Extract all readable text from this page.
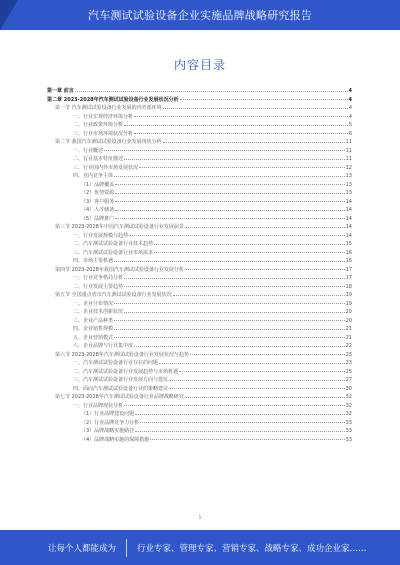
汽车测试试验设备企业实施品牌战略研究报告
内容目录
第一章 前言	4
第二章 2023-2028年汽车测试试验设备行业发展状况分析	4
第一节 汽车测试试验设备行业发展的内外部环境	4
一、行业宏观经济环境分析	4
二、行业政策环境分析	5
三、行业市场环境状况分析	6
第二节 我国汽车测试试验设备行业发展现状分析	11
一、行业概述	11
二、行业基本特征描述	11
三、行业国内外市场发展状况	12
四、业内竞争主体	13
（1）品牌覆盖	13
（2）优势资源	13
（3）客户服务	14
（4）人才储备	14
（5）品牌推广	14
第三节 2023-2028年中国汽车测试试验设备行业发展前景	14
一、行业发展规模与趋势	14
二、汽车测试试验设备行业技术趋势	15
三、汽车测试试验设备行业市场需求	16
四、市场主要机遇	16
第四节 2023-2028年我国汽车测试试验设备行业发展分析	17
一、行业竞争格局分析	17
二、行业发展主要趋势	18
第五节 全国重点省市汽车测试试验设备行业发展状况	19
一、企业分布情况	19
二、企业技术创新状况	20
三、企业产品种类	20
四、企业销售规模	21
五、企业营销模式	21
六、企业品牌与行业集中度	22
第六节 2023-2028年汽车测试试验设备行业发展状况与趋势	23
一、汽车测试试验设备行业存在的问题	23
二、汽车测试试验设备行业发展趋势与市场机遇	25
三、汽车测试试验设备行业发展方向与建议	27
四、面向汽车测试试验设备行业的策略建议	30
第七节 2023-2028年汽车测试试验设备行业品牌战略研究	32
一、行业品牌现状分析	32
（1）行业品牌建设问题	32
（2）行业品牌竞争力分析	33
（3）品牌战略实施路径	33
（4）品牌战略实施的保障措施	33
1
让每个人都能成为 行业专家、管理专家、营销专家、战略专家、成功企业家……
